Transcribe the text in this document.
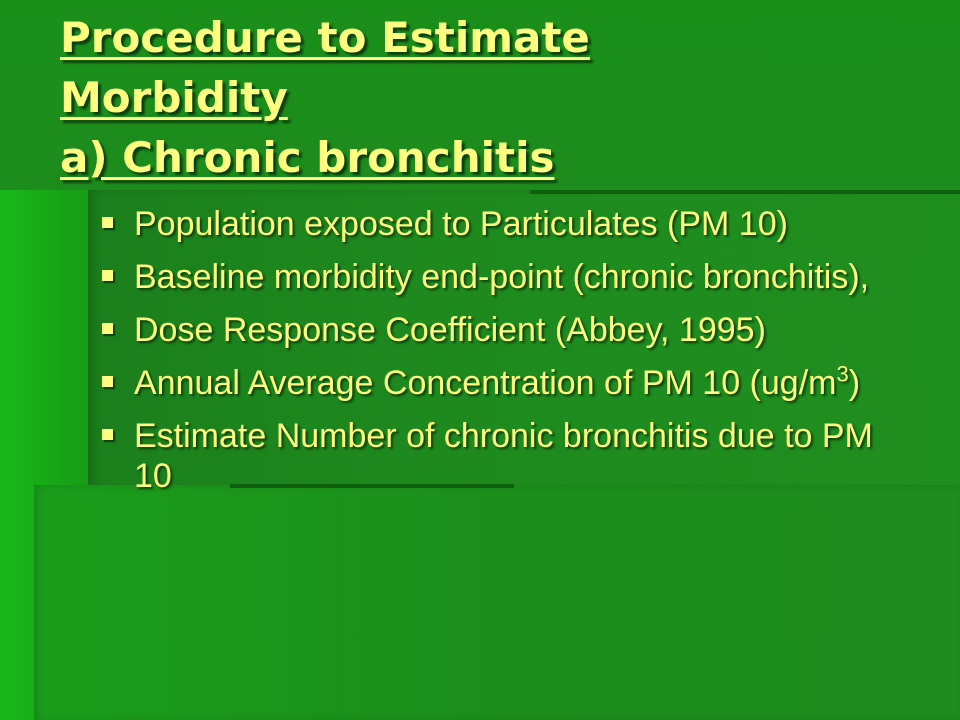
Procedure to Estimate
Morbidity
a) Chronic bronchitis
Population exposed to Particulates (PM 10)
Baseline morbidity end-point (chronic bronchitis),
Dose Response Coefficient (Abbey, 1995)
Annual Average Concentration of PM 10 $(ug/m^3)$
Estimate Number of chronic bronchitis due to PM 10
